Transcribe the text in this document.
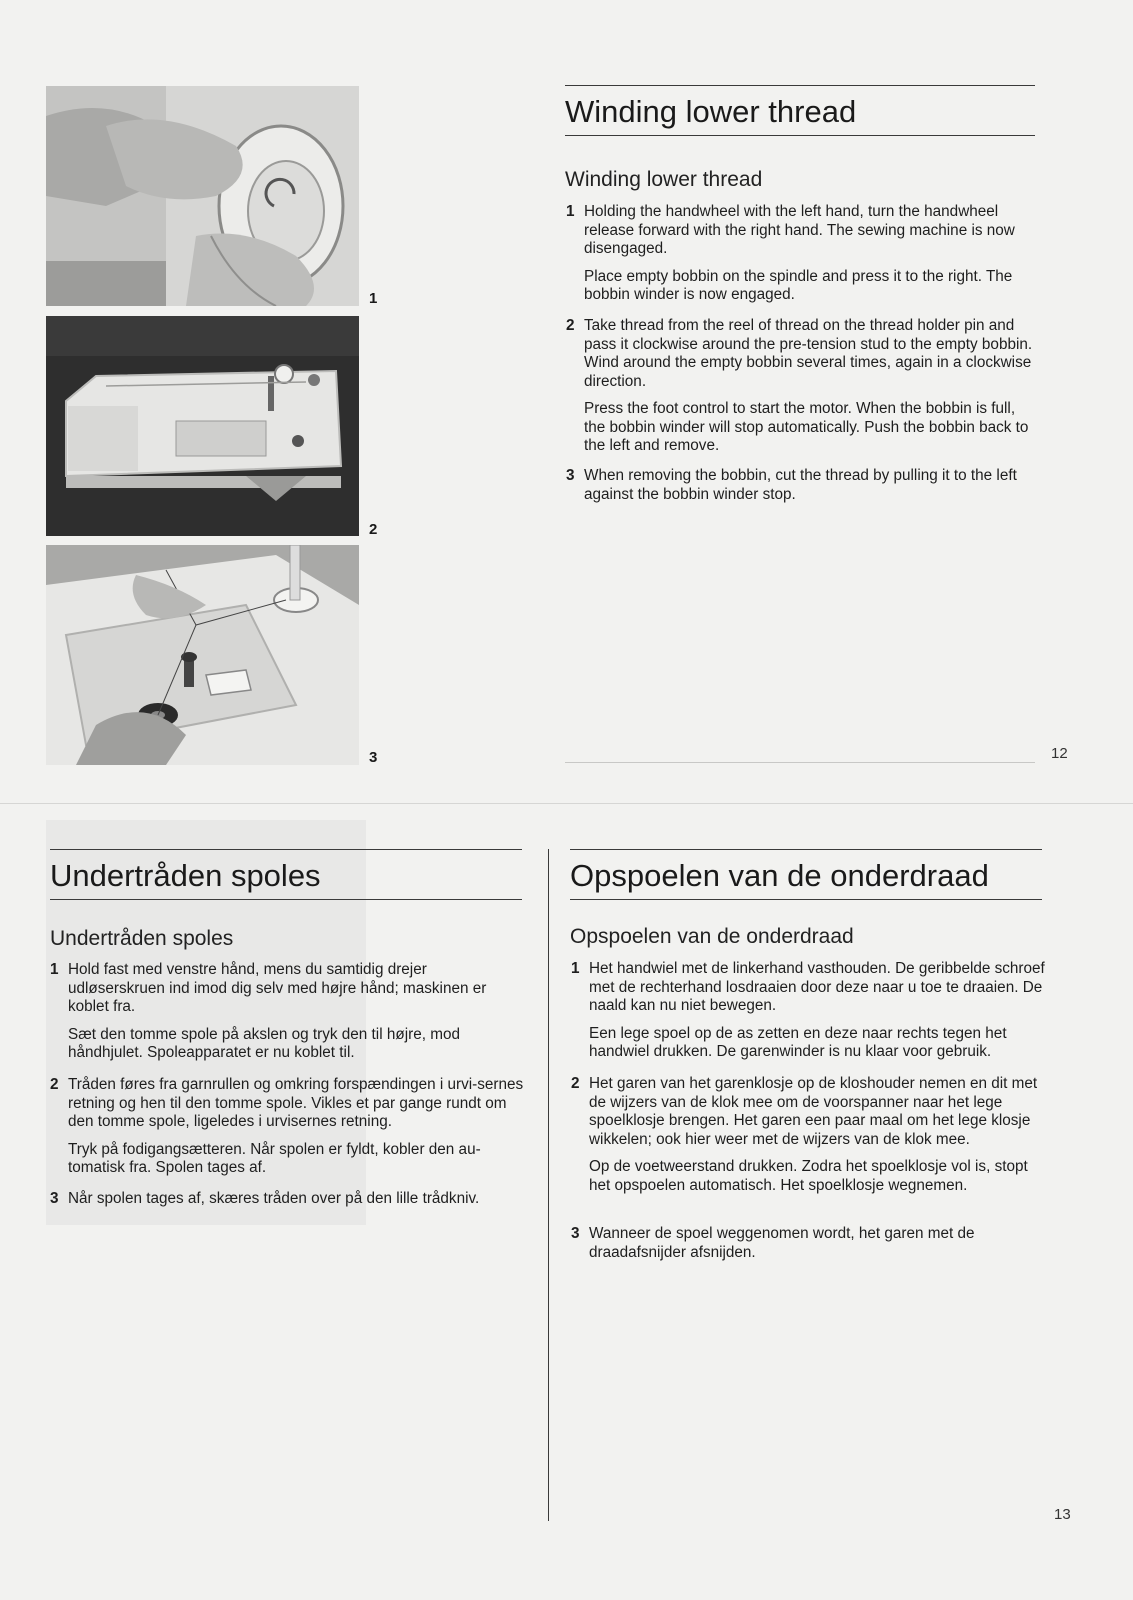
1
2
3
Winding lower thread
Winding lower thread
1 Holding the handwheel with the left hand, turn the handwheel release forward with the right hand. The sewing machine is now disengaged.

Place empty bobbin on the spindle and press it to the right. The bobbin winder is now engaged.

2 Take thread from the reel of thread on the thread holder pin and pass it clockwise around the pre-tension stud to the empty bobbin. Wind around the empty bobbin several times, again in a clockwise direction.

Press the foot control to start the motor. When the bobbin is full, the bobbin winder will stop automatically. Push the bobbin back to the left and remove.

3 When removing the bobbin, cut the thread by pulling it to the left against the bobbin winder stop.

12
Undertråden spoles
Undertråden spoles
1 Hold fast med venstre hånd, mens du samtidig drejer udløserskruen ind imod dig selv med højre hånd; maskinen er koblet fra.

Sæt den tomme spole på akslen og tryk den til højre, mod håndhjulet. Spoleapparatet er nu koblet til.

2 Tråden føres fra garnrullen og omkring forspændingen i urvi-sernes retning og hen til den tomme spole. Vikles et par gange rundt om den tomme spole, ligeledes i urvisernes retning.

Tryk på fodigangsætteren. Når spolen er fyldt, kobler den au-tomatisk fra. Spolen tages af.

3 Når spolen tages af, skæres tråden over på den lille trådkniv.

Opspoelen van de onderdraad
Opspoelen van de onderdraad
1 Het handwiel met de linkerhand vasthouden. De geribbelde schroef met de rechterhand losdraaien door deze naar u toe te draaien. De naald kan nu niet bewegen.

Een lege spoel op de as zetten en deze naar rechts tegen het handwiel drukken. De garenwinder is nu klaar voor gebruik.

2 Het garen van het garenklosje op de kloshouder nemen en dit met de wijzers van de klok mee om de voorspanner naar het lege spoelklosje brengen. Het garen een paar maal om het lege klosje wikkelen; ook hier weer met de wijzers van de klok mee.

Op de voetweerstand drukken. Zodra het spoelklosje vol is, stopt het opspoelen automatisch. Het spoelklosje wegnemen.

3 Wanneer de spoel weggenomen wordt, het garen met de draadafsnijder afsnijden.

13
